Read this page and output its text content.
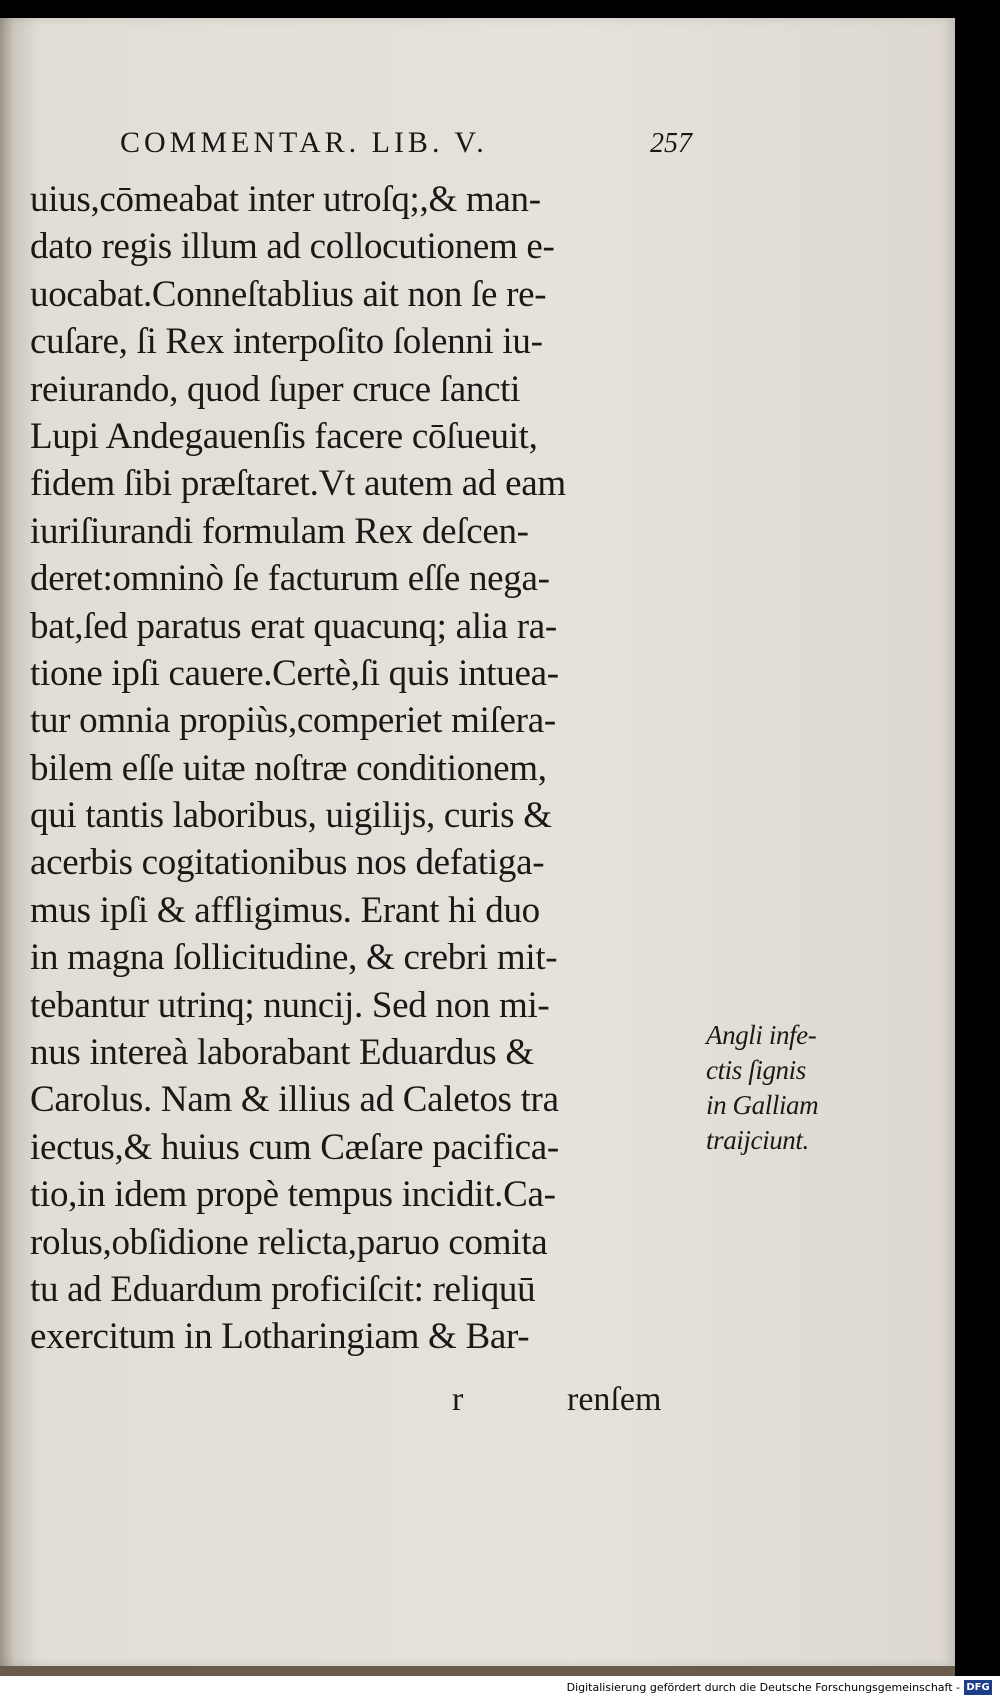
COMMENTAR. LIB. V.	257
uius,cōmeabat inter utroſq;,& man-
dato regis illum ad collocutionem e-
uocabat.Conneſtablius ait non ſe re-
cuſare, ſi Rex interpoſito ſolenni iu-
reiurando, quod ſuper cruce ſancti
Lupi Andegauenſis facere cōſueuit,
fidem ſibi præſtaret.Vt autem ad eam
iuriſiurandi formulam Rex deſcen-
deret:omninò ſe facturum eſſe nega-
bat,ſed paratus erat quacunq; alia ra-
tione ipſi cauere.Certè,ſi quis intuea-
tur omnia propiùs,comperiet miſera-
bilem eſſe uitæ noſtræ conditionem,
qui tantis laboribus, uigilijs, curis &
acerbis cogitationibus nos defatiga-
mus ipſi & affligimus. Erant hi duo
in magna ſollicitudine, & crebri mit-
tebantur utrinq; nuncij. Sed non mi-
nus intereà laborabant Eduardus &
Carolus. Nam & illius ad Caletos tra
iectus,& huius cum Cæſare pacifica-
tio,in idem propè tempus incidit.Ca-
rolus,obſidione relicta,paruo comita
tu ad Eduardum proficiſcit: reliquū
exercitum in Lotharingiam & Bar-
r	renſem
Angli infe-
ctis ſignis
in Galliam
traijciunt.
Digitalisierung gefördert durch die Deutsche Forschungsgemeinschaft - DFG
